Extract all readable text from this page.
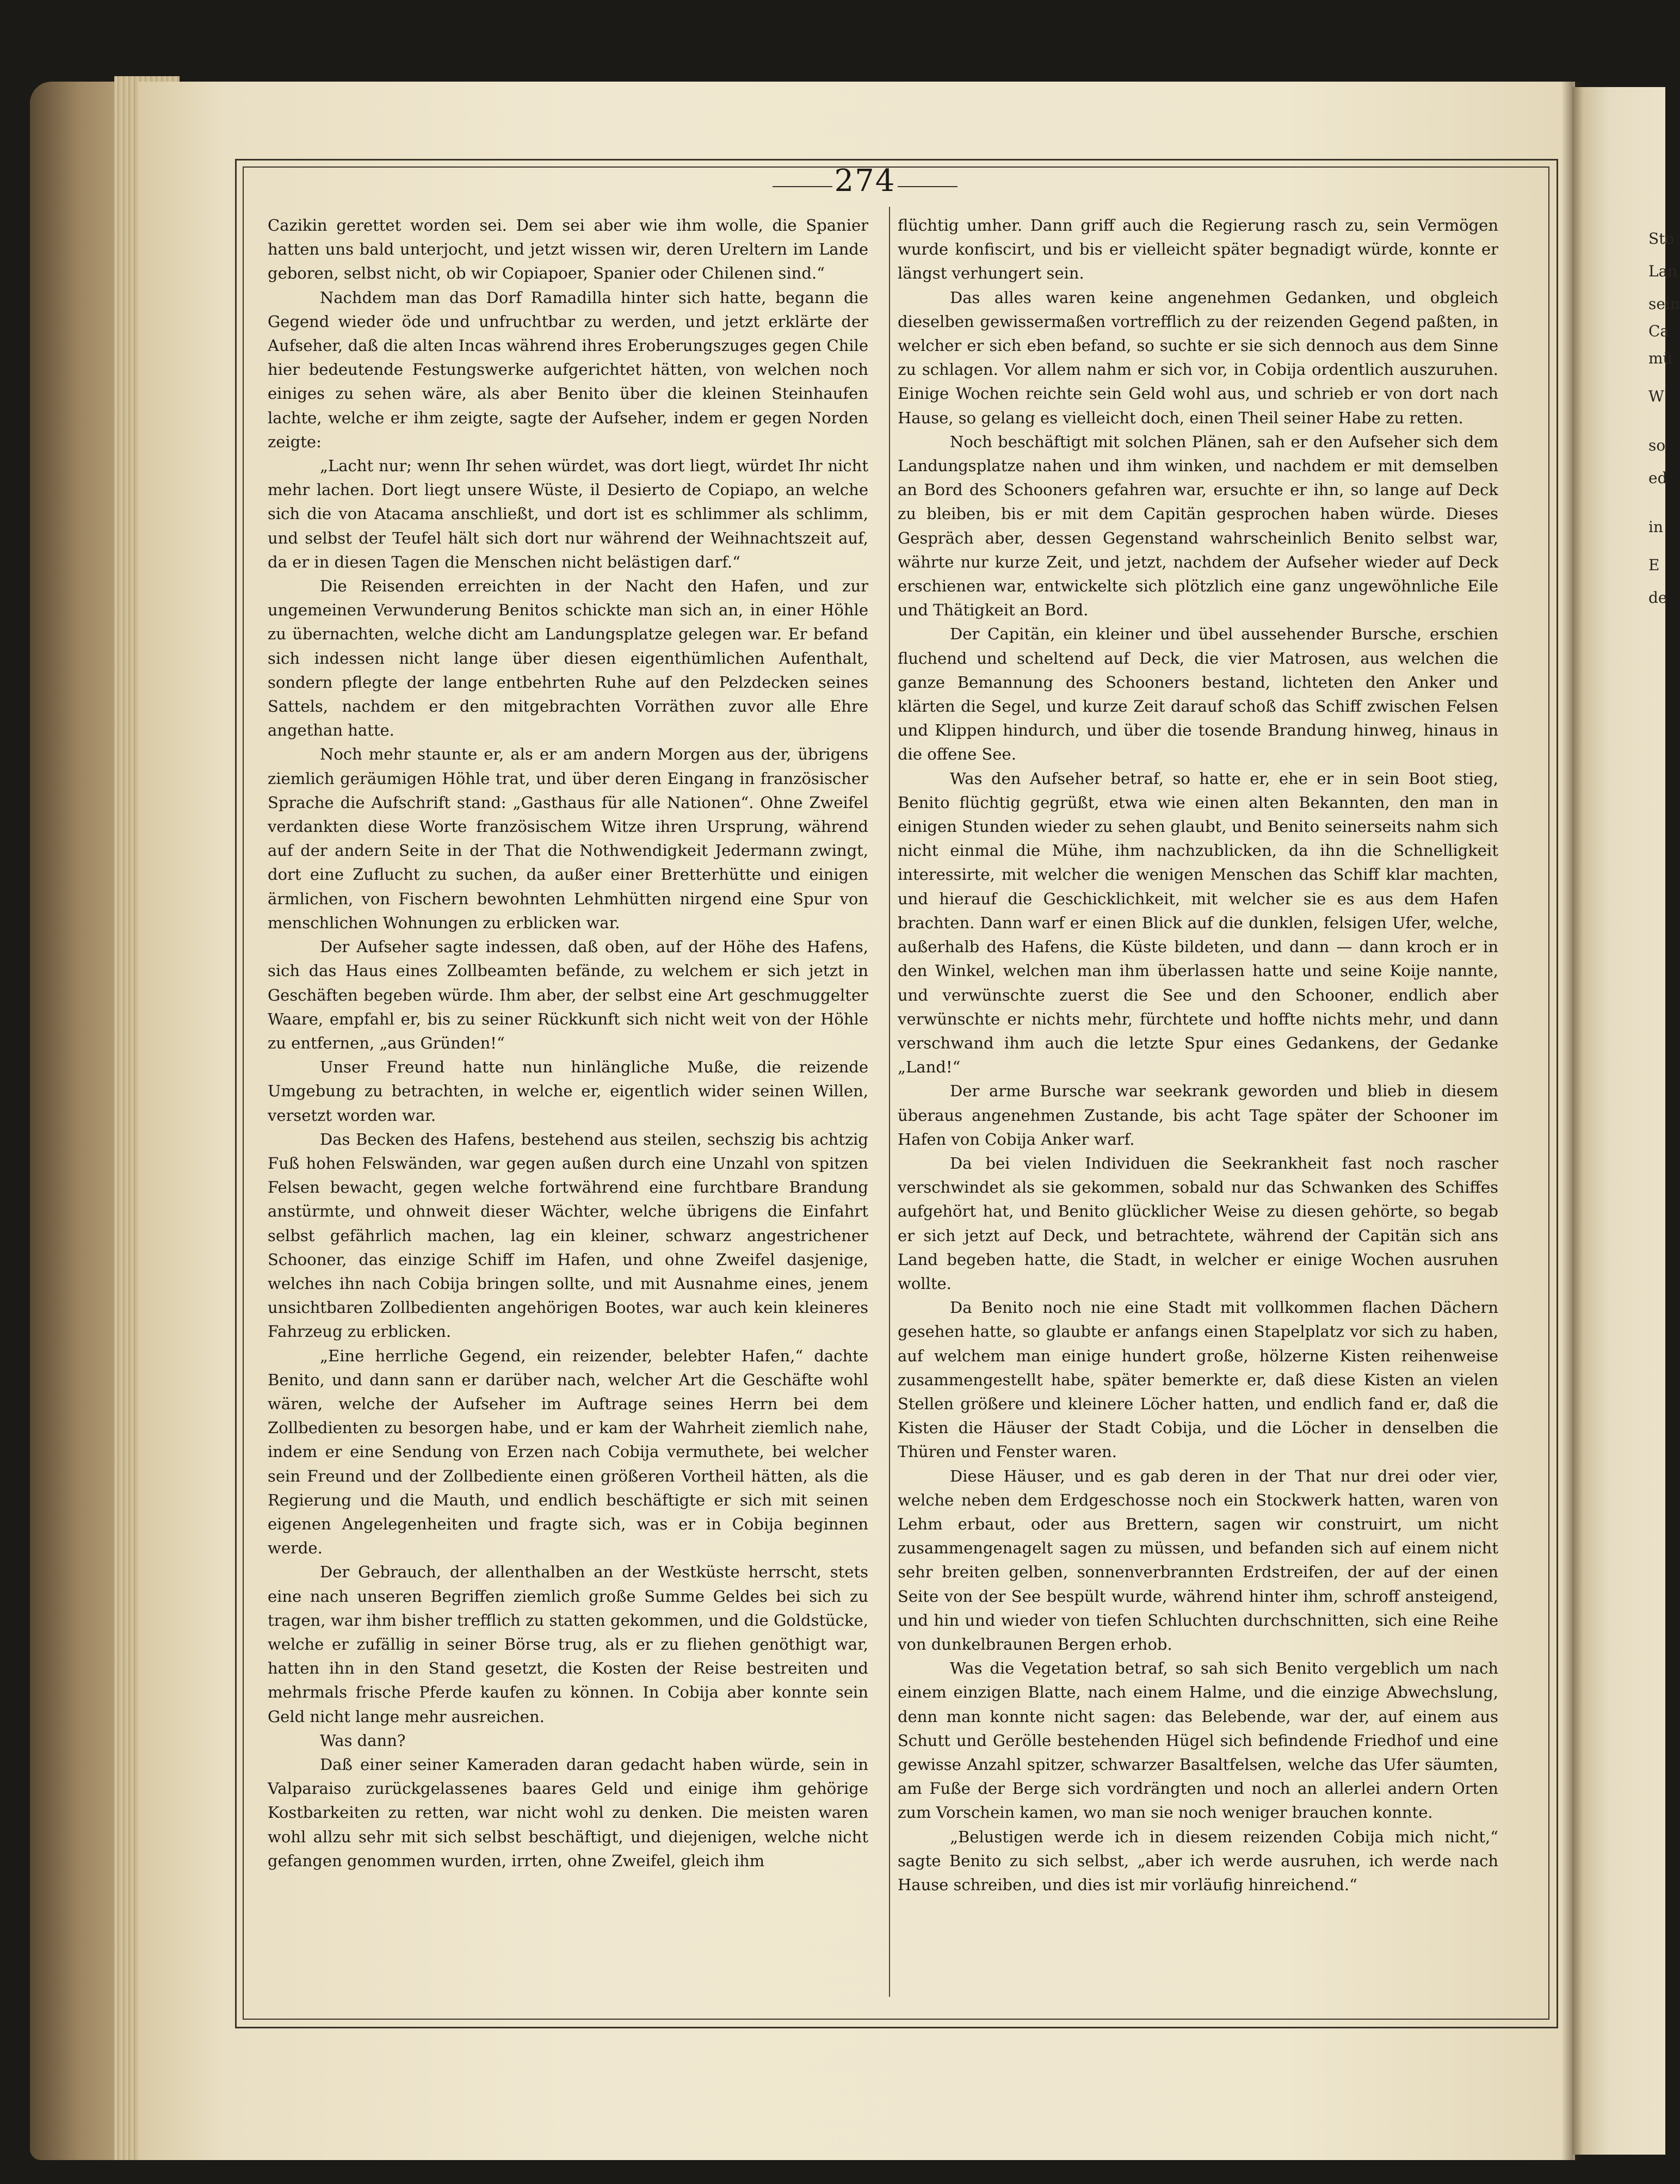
274

Cazikin gerettet worden sei. Dem sei aber wie ihm wolle, die Spanier hatten uns bald unterjocht, und jetzt wissen wir, deren Ureltern im Lande geboren, selbst nicht, ob wir Copiapoer, Spanier oder Chilenen sind.“

Nachdem man das Dorf Ramadilla hinter sich hatte, begann die Gegend wieder öde und unfruchtbar zu werden, und jetzt erklärte der Aufseher, daß die alten Incas während ihres Eroberungszuges gegen Chile hier bedeutende Festungswerke aufgerichtet hätten, von welchen noch einiges zu sehen wäre, als aber Benito über die kleinen Steinhaufen lachte, welche er ihm zeigte, sagte der Aufseher, indem er gegen Norden zeigte:

„Lacht nur; wenn Ihr sehen würdet, was dort liegt, würdet Ihr nicht mehr lachen. Dort liegt unsere Wüste, il Desierto de Copiapo, an welche sich die von Atacama anschließt, und dort ist es schlimmer als schlimm, und selbst der Teufel hält sich dort nur während der Weihnachtszeit auf, da er in diesen Tagen die Menschen nicht belästigen darf.“

Die Reisenden erreichten in der Nacht den Hafen, und zur ungemeinen Verwunderung Benitos schickte man sich an, in einer Höhle zu übernachten, welche dicht am Landungsplatze gelegen war. Er befand sich indessen nicht lange über diesen eigenthümlichen Aufenthalt, sondern pflegte der lange entbehrten Ruhe auf den Pelzdecken seines Sattels, nachdem er den mitgebrachten Vorräthen zuvor alle Ehre angethan hatte.

Noch mehr staunte er, als er am andern Morgen aus der, übrigens ziemlich geräumigen Höhle trat, und über deren Eingang in französischer Sprache die Aufschrift stand: „Gasthaus für alle Nationen“. Ohne Zweifel verdankten diese Worte französischem Witze ihren Ursprung, während auf der andern Seite in der That die Nothwendigkeit Jedermann zwingt, dort eine Zuflucht zu suchen, da außer einer Bretterhütte und einigen ärmlichen, von Fischern bewohnten Lehmhütten nirgend eine Spur von menschlichen Wohnungen zu erblicken war.

Der Aufseher sagte indessen, daß oben, auf der Höhe des Hafens, sich das Haus eines Zollbeamten befände, zu welchem er sich jetzt in Geschäften begeben würde. Ihm aber, der selbst eine Art geschmuggelter Waare, empfahl er, bis zu seiner Rückkunft sich nicht weit von der Höhle zu entfernen, „aus Gründen!“

Unser Freund hatte nun hinlängliche Muße, die reizende Umgebung zu betrachten, in welche er, eigentlich wider seinen Willen, versetzt worden war.

Das Becken des Hafens, bestehend aus steilen, sechszig bis achtzig Fuß hohen Felswänden, war gegen außen durch eine Unzahl von spitzen Felsen bewacht, gegen welche fortwährend eine furchtbare Brandung anstürmte, und ohnweit dieser Wächter, welche übrigens die Einfahrt selbst gefährlich machen, lag ein kleiner, schwarz angestrichener Schooner, das einzige Schiff im Hafen, und ohne Zweifel dasjenige, welches ihn nach Cobija bringen sollte, und mit Ausnahme eines, jenem unsichtbaren Zollbedienten angehörigen Bootes, war auch kein kleineres Fahrzeug zu erblicken.

„Eine herrliche Gegend, ein reizender, belebter Hafen,“ dachte Benito, und dann sann er darüber nach, welcher Art die Geschäfte wohl wären, welche der Aufseher im Auftrage seines Herrn bei dem Zollbedienten zu besorgen habe, und er kam der Wahrheit ziemlich nahe, indem er eine Sendung von Erzen nach Cobija vermuthete, bei welcher sein Freund und der Zollbediente einen größeren Vortheil hätten, als die Regierung und die Mauth, und endlich beschäftigte er sich mit seinen eigenen Angelegenheiten und fragte sich, was er in Cobija beginnen werde.

Der Gebrauch, der allenthalben an der Westküste herrscht, stets eine nach unseren Begriffen ziemlich große Summe Geldes bei sich zu tragen, war ihm bisher trefflich zu statten gekommen, und die Goldstücke, welche er zufällig in seiner Börse trug, als er zu fliehen genöthigt war, hatten ihn in den Stand gesetzt, die Kosten der Reise bestreiten und mehrmals frische Pferde kaufen zu können. In Cobija aber konnte sein Geld nicht lange mehr ausreichen.

Was dann?

Daß einer seiner Kameraden daran gedacht haben würde, sein in Valparaiso zurückgelassenes baares Geld und einige ihm gehörige Kostbarkeiten zu retten, war nicht wohl zu denken. Die meisten waren wohl allzu sehr mit sich selbst beschäftigt, und diejenigen, welche nicht gefangen genommen wurden, irrten, ohne Zweifel, gleich ihm

flüchtig umher. Dann griff auch die Regierung rasch zu, sein Vermögen wurde konfiscirt, und bis er vielleicht später begnadigt würde, konnte er längst verhungert sein.

Das alles waren keine angenehmen Gedanken, und obgleich dieselben gewissermaßen vortrefflich zu der reizenden Gegend paßten, in welcher er sich eben befand, so suchte er sie sich dennoch aus dem Sinne zu schlagen. Vor allem nahm er sich vor, in Cobija ordentlich auszuruhen. Einige Wochen reichte sein Geld wohl aus, und schrieb er von dort nach Hause, so gelang es vielleicht doch, einen Theil seiner Habe zu retten.

Noch beschäftigt mit solchen Plänen, sah er den Aufseher sich dem Landungsplatze nahen und ihm winken, und nachdem er mit demselben an Bord des Schooners gefahren war, ersuchte er ihn, so lange auf Deck zu bleiben, bis er mit dem Capitän gesprochen haben würde. Dieses Gespräch aber, dessen Gegenstand wahrscheinlich Benito selbst war, währte nur kurze Zeit, und jetzt, nachdem der Aufseher wieder auf Deck erschienen war, entwickelte sich plötzlich eine ganz ungewöhnliche Eile und Thätigkeit an Bord.

Der Capitän, ein kleiner und übel aussehender Bursche, erschien fluchend und scheltend auf Deck, die vier Matrosen, aus welchen die ganze Bemannung des Schooners bestand, lichteten den Anker und klärten die Segel, und kurze Zeit darauf schoß das Schiff zwischen Felsen und Klippen hindurch, und über die tosende Brandung hinweg, hinaus in die offene See.

Was den Aufseher betraf, so hatte er, ehe er in sein Boot stieg, Benito flüchtig gegrüßt, etwa wie einen alten Bekannten, den man in einigen Stunden wieder zu sehen glaubt, und Benito seinerseits nahm sich nicht einmal die Mühe, ihm nachzublicken, da ihn die Schnelligkeit interessirte, mit welcher die wenigen Menschen das Schiff klar machten, und hierauf die Geschicklichkeit, mit welcher sie es aus dem Hafen brachten. Dann warf er einen Blick auf die dunklen, felsigen Ufer, welche, außerhalb des Hafens, die Küste bildeten, und dann — dann kroch er in den Winkel, welchen man ihm überlassen hatte und seine Koije nannte, und verwünschte zuerst die See und den Schooner, endlich aber verwünschte er nichts mehr, fürchtete und hoffte nichts mehr, und dann verschwand ihm auch die letzte Spur eines Gedankens, der Gedanke „Land!“

Der arme Bursche war seekrank geworden und blieb in diesem überaus angenehmen Zustande, bis acht Tage später der Schooner im Hafen von Cobija Anker warf.

Da bei vielen Individuen die Seekrankheit fast noch rascher verschwindet als sie gekommen, sobald nur das Schwanken des Schiffes aufgehört hat, und Benito glücklicher Weise zu diesen gehörte, so begab er sich jetzt auf Deck, und betrachtete, während der Capitän sich ans Land begeben hatte, die Stadt, in welcher er einige Wochen ausruhen wollte.

Da Benito noch nie eine Stadt mit vollkommen flachen Dächern gesehen hatte, so glaubte er anfangs einen Stapelplatz vor sich zu haben, auf welchem man einige hundert große, hölzerne Kisten reihenweise zusammengestellt habe, später bemerkte er, daß diese Kisten an vielen Stellen größere und kleinere Löcher hatten, und endlich fand er, daß die Kisten die Häuser der Stadt Cobija, und die Löcher in denselben die Thüren und Fenster waren.

Diese Häuser, und es gab deren in der That nur drei oder vier, welche neben dem Erdgeschosse noch ein Stockwerk hatten, waren von Lehm erbaut, oder aus Brettern, sagen wir construirt, um nicht zusammengenagelt sagen zu müssen, und befanden sich auf einem nicht sehr breiten gelben, sonnenverbrannten Erdstreifen, der auf der einen Seite von der See bespült wurde, während hinter ihm, schroff ansteigend, und hin und wieder von tiefen Schluchten durchschnitten, sich eine Reihe von dunkelbraunen Bergen erhob.

Was die Vegetation betraf, so sah sich Benito vergeblich um nach einem einzigen Blatte, nach einem Halme, und die einzige Abwechslung, denn man konnte nicht sagen: das Belebende, war der, auf einem aus Schutt und Gerölle bestehenden Hügel sich befindende Friedhof und eine gewisse Anzahl spitzer, schwarzer Basaltfelsen, welche das Ufer säumten, am Fuße der Berge sich vordrängten und noch an allerlei andern Orten zum Vorschein kamen, wo man sie noch weniger brauchen konnte.

„Belustigen werde ich in diesem reizenden Cobija mich nicht,“ sagte Benito zu sich selbst, „aber ich werde ausruhen, ich werde nach Hause schreiben, und dies ist mir vorläufig hinreichend.“

Sto
Lan
sein
Ca
mü
W
so
ed
in
E
de
